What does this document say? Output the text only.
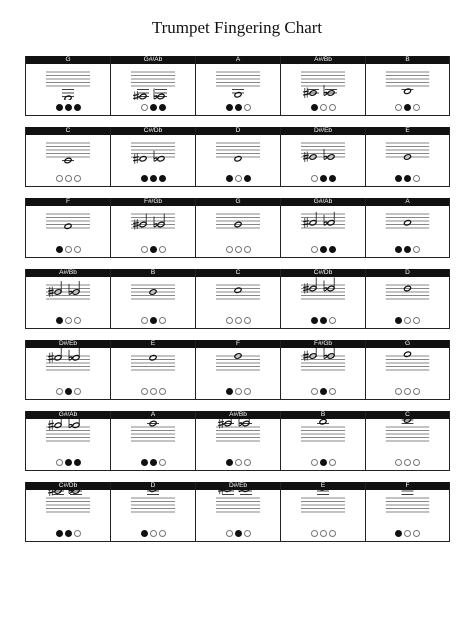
Trumpet Fingering Chart
G	G#/Ab	A	A#/Bb	B
C	C#/Db	D	D#/Eb	E
F	F#/Gb	G	G#/Ab	A
A#/Bb	B	C	C#/Db	D
D#/Eb	E	F	F#/Gb	G
G#/Ab	A	A#/Bb	B	C
C#/Db	D	D#/Eb	E	F
